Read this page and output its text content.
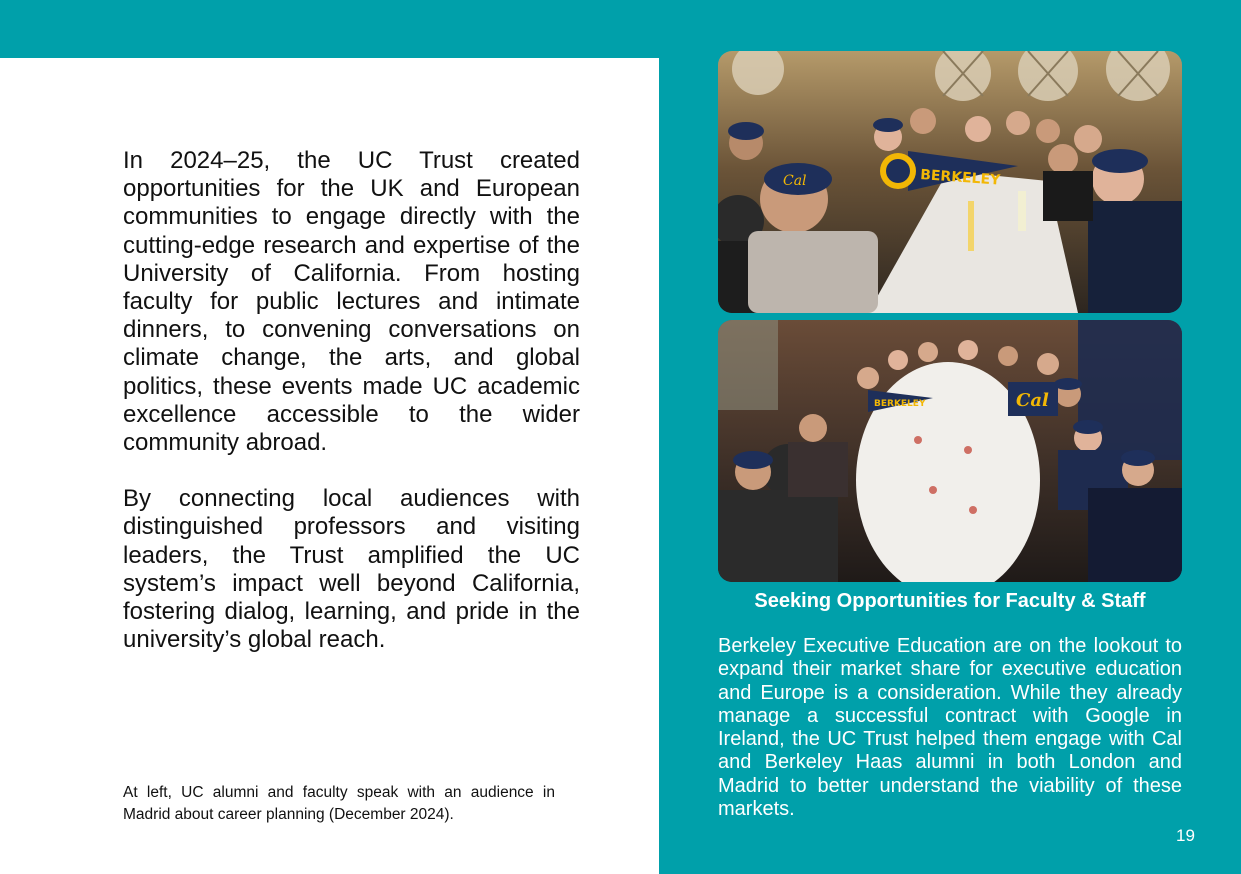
In 2024–25, the UC Trust created opportunities for the UK and European communities to engage directly with the cutting-edge research and expertise of the University of California. From hosting faculty for public lectures and intimate dinners, to convening conversations on climate change, the arts, and global politics, these events made UC academic excellence accessible to the wider community abroad.

By connecting local audiences with distinguished professors and visiting leaders, the Trust amplified the UC system’s impact well beyond California, fostering dialog, learning, and pride in the university’s global reach.

At left, UC alumni and faculty speak with an audience in Madrid about career planning (December 2024).
Cal	BERKELEY
BERKELEY	Cal
Seeking Opportunities for Faculty & Staff
Berkeley Executive Education are on the lookout to expand their market share for executive education and Europe is a consideration. While they already manage a successful contract with Google in Ireland, the UC Trust helped them engage with Cal and Berkeley Haas alumni in both London and Madrid to better understand the viability of these markets.
19
